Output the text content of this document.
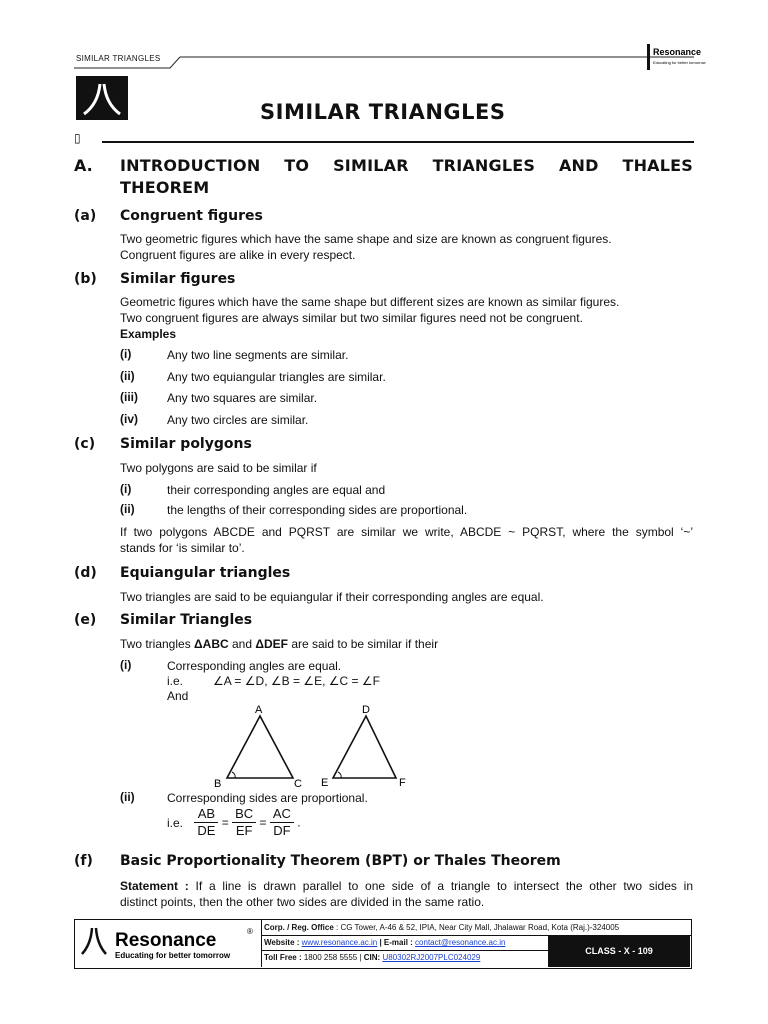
SIMILAR TRIANGLES
Resonance
Educating for better tomorrow
SIMILAR TRIANGLES
▯
A. INTRODUCTION TO SIMILAR TRIANGLES AND THALES
THEOREM
(a) Congruent figures
Two geometric figures which have the same shape and size are known as congruent figures.
Congruent figures are alike in every respect.
(b) Similar figures
Geometric figures which have the same shape but different sizes are known as similar figures.
Two congruent figures are always similar but two similar figures need not be congruent.
Examples
(i)	Any two line segments are similar.
(ii)	Any two equiangular triangles are similar.
(iii) Any two squares are similar.
(iv) Any two circles are similar.
(c) Similar polygons
Two polygons are said to be similar if
(i)	their corresponding angles are equal and
(ii)	the lengths of their corresponding sides are proportional.
If two polygons ABCDE and PQRST are similar we write, ABCDE ~ PQRST, where the symbol ‘~’
stands for ‘is similar to’.
(d) Equiangular triangles
Two triangles are said to be equiangular if their corresponding angles are equal.
(e) Similar Triangles
Two triangles ΔABC and ΔDEF are said to be similar if their
(i)	Corresponding angles are equal.
i.e. ∠A = ∠D, ∠B = ∠E, ∠C = ∠F
And
A
B	C
D
E	F
(ii)	Corresponding sides are proportional.
i.e. $\frac{AB}{DE} = \frac{BC}{EF} = \frac{AC}{DF}$ .
(f) Basic Proportionality Theorem (BPT) or Thales Theorem
Statement : If a line is drawn parallel to one side of a triangle to intersect the other two sides in
distinct points, then the other two sides are divided in the same ratio.
Resonance	®
Educating for better tomorrow
Corp. / Reg. Office : CG Tower, A-46 & 52, IPIA, Near City Mall, Jhalawar Road, Kota (Raj.)-324005
Website : www.resonance.ac.in | E-mail : contact@resonance.ac.in
Toll Free : 1800 258 5555 | CIN: U80302RJ2007PLC024029
CLASS - X - 109
